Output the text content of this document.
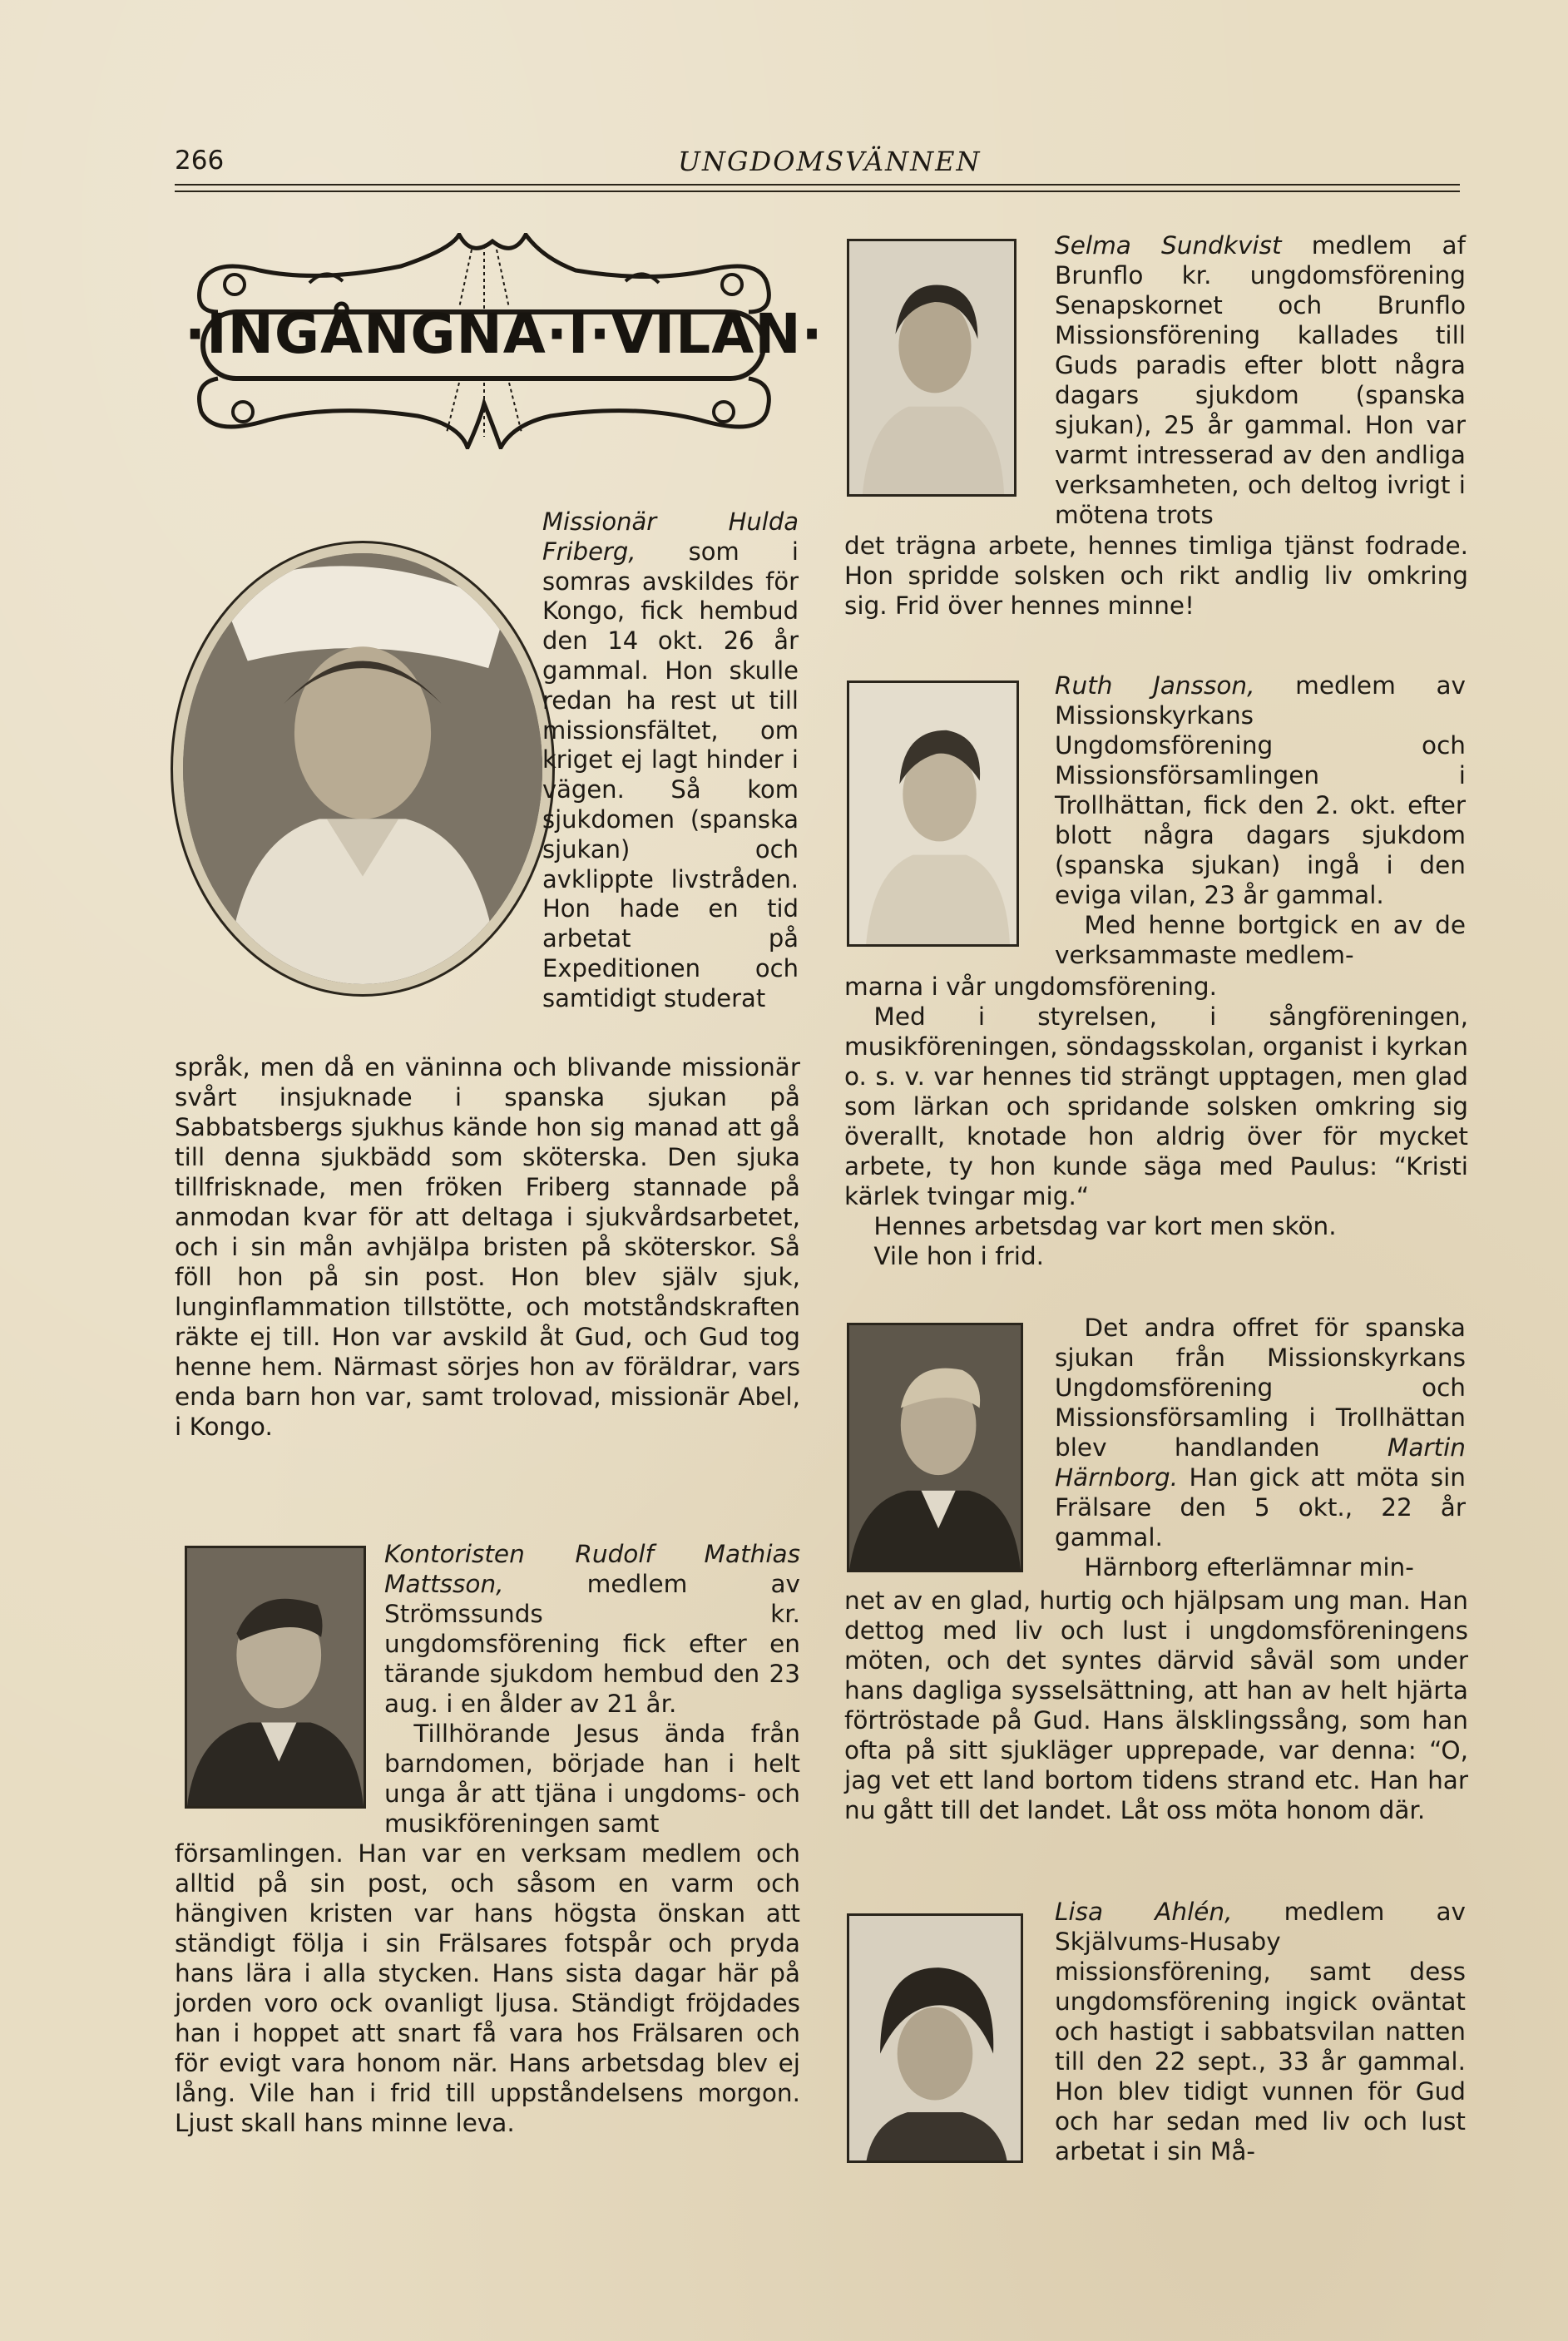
266	UNGDOMSVÄNNEN
·INGÅNGNA·I·VILAN·

Missionär Hulda Friberg, som i somras avskildes för Kongo, fick hembud den 14 okt. 26 år gammal. Hon skulle redan ha rest ut till missionsfältet, om kriget ej lagt hinder i vägen. Så kom sjukdomen (spanska sjukan) och avklippte livstråden. Hon hade en tid arbetat på Expeditionen och samtidigt studerat

språk, men då en väninna och blivande missionär svårt insjuknade i spanska sjukan på Sabbatsbergs sjukhus kände hon sig manad att gå till denna sjukbädd som sköterska. Den sjuka tillfrisknade, men fröken Friberg stannade på anmodan kvar för att deltaga i sjukvårdsarbetet, och i sin mån avhjälpa bristen på sköterskor. Så föll hon på sin post. Hon blev själv sjuk, lunginflammation tillstötte, och motståndskraften räkte ej till. Hon var avskild åt Gud, och Gud tog henne hem. Närmast sörjes hon av föräldrar, vars enda barn hon var, samt trolovad, missionär Abel, i Kongo.

Kontoristen Rudolf Mathias Mattsson, medlem av Strömssunds kr. ungdomsförening fick efter en tärande sjukdom hembud den 23 aug. i en ålder av 21 år.

Tillhörande Jesus ända från barndomen, började han i helt unga år att tjäna i ungdoms- och musikföreningen samt

församlingen. Han var en verksam medlem och alltid på sin post, och såsom en varm och hängiven kristen var hans högsta önskan att ständigt följa i sin Frälsares fotspår och pryda hans lära i alla stycken. Hans sista dagar här på jorden voro ock ovanligt ljusa. Ständigt fröjdades han i hoppet att snart få vara hos Frälsaren och för evigt vara honom när. Hans arbetsdag blev ej lång. Vile han i frid till uppståndelsens morgon. Ljust skall hans minne leva.

Selma Sundkvist medlem af Brunflo kr. ungdomsförening Senapskornet och Brunflo Missionsförening kallades till Guds paradis efter blott några dagars sjukdom (spanska sjukan), 25 år gammal. Hon var varmt intresserad av den andliga verksamheten, och deltog ivrigt i mötena trots

det trägna arbete, hennes timliga tjänst fodrade. Hon spridde solsken och rikt andlig liv omkring sig. Frid över hennes minne!

Ruth Jansson, medlem av Missionskyrkans Ungdomsförening och Missionsförsamlingen i Trollhättan, fick den 2. okt. efter blott några dagars sjukdom (spanska sjukan) ingå i den eviga vilan, 23 år gammal.

Med henne bortgick en av de verksammaste medlem-

marna i vår ungdomsförening.

Med i styrelsen, i sångföreningen, musikföreningen, söndagsskolan, organist i kyrkan o. s. v. var hennes tid strängt upptagen, men glad som lärkan och spridande solsken omkring sig överallt, knotade hon aldrig över för mycket arbete, ty hon kunde säga med Paulus: “Kristi kärlek tvingar mig.“

Hennes arbetsdag var kort men skön.

Vile hon i frid.

Det andra offret för spanska sjukan från Missionskyrkans Ungdomsförening och Missionsförsamling i Trollhättan blev handlanden Martin Härnborg. Han gick att möta sin Frälsare den 5 okt., 22 år gammal.

Härnborg efterlämnar min-

net av en glad, hurtig och hjälpsam ung man. Han dettog med liv och lust i ungdomsföreningens möten, och det syntes därvid såväl som under hans dagliga sysselsättning, att han av helt hjärta förtröstade på Gud. Hans älsklingssång, som han ofta på sitt sjukläger upprepade, var denna: “O, jag vet ett land bortom tidens strand etc. Han har nu gått till det landet. Låt oss möta honom där.

Lisa Ahlén, medlem av Skjälvums-Husaby missionsförening, samt dess ungdomsförening ingick oväntat och hastigt i sabbatsvilan natten till den 22 sept., 33 år gammal. Hon blev tidigt vunnen för Gud och har sedan med liv och lust arbetat i sin Må-
